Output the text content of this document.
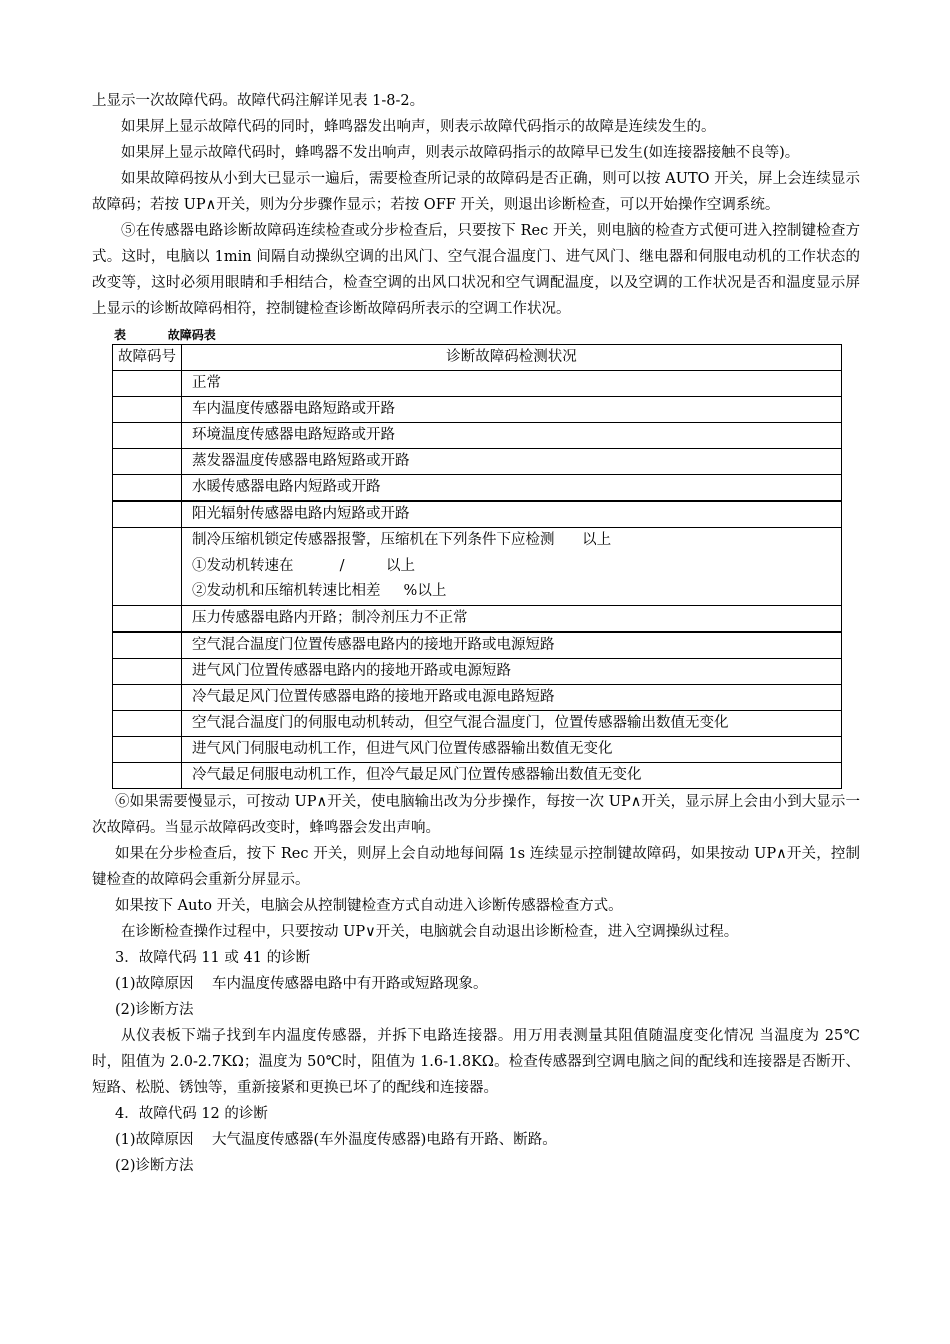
上显示一次故障代码。故障代码注解详见表 1-8-2。

如果屏上显示故障代码的同时，蜂鸣器发出响声，则表示故障代码指示的故障是连续发生的。

如果屏上显示故障代码时，蜂鸣器不发出响声，则表示故障码指示的故障早已发生(如连接器接触不良等)。

如果故障码按从小到大已显示一遍后，需要检查所记录的故障码是否正确，则可以按 AUTO 开关，屏上会连续显示故障码；若按 UP∧开关，则为分步骤作显示；若按 OFF 开关，则退出诊断检查，可以开始操作空调系统。

⑤在传感器电路诊断故障码连续检查或分步检查后，只要按下 Rec 开关，则电脑的检查方式便可进入控制键检查方式。这时，电脑以 1min 间隔自动操纵空调的出风门、空气混合温度门、进气风门、继电器和伺服电动机的工作状态的改变等，这时必须用眼睛和手相结合，检查空调的出风口状况和空气调配温度，以及空调的工作状况是否和温度显示屏上显示的诊断故障码相符，控制键检查诊断故障码所表示的空调工作状况。

表          故障码表
故障码号	诊断故障码检测状况
	正常
	车内温度传感器电路短路或开路
	环境温度传感器电路短路或开路
	蒸发器温度传感器电路短路或开路
	水暖传感器电路内短路或开路
	阳光辐射传感器电路内短路或开路

	制冷压缩机锁定传感器报警，压缩机在下列条件下应检测      以上
①发动机转速在          /         以上
②发动机和压缩机转速比相差     %以上

	压力传感器电路内开路；制冷剂压力不正常
	空气混合温度门位置传感器电路内的接地开路或电源短路
	进气风门位置传感器电路内的接地开路或电源短路
	冷气最足风门位置传感器电路的接地开路或电源电路短路
	空气混合温度门的伺服电动机转动，但空气混合温度门，位置传感器输出数值无变化
	进气风门伺服电动机工作，但进气风门位置传感器输出数值无变化
	冷气最足伺服电动机工作，但冷气最足风门位置传感器输出数值无变化

⑥如果需要慢显示，可按动 UP∧开关，使电脑输出改为分步操作，每按一次 UP∧开关，显示屏上会由小到大显示一次故障码。当显示故障码改变时，蜂鸣器会发出声响。

如果在分步检查后，按下 Rec 开关，则屏上会自动地每间隔 1s 连续显示控制键故障码，如果按动 UP∧开关，控制键检查的故障码会重新分屏显示。

如果按下 Auto 开关，电脑会从控制键检查方式自动进入诊断传感器检查方式。

在诊断检查操作过程中，只要按动 UP∨开关，电脑就会自动退出诊断检查，进入空调操纵过程。

3．故障代码 11 或 41 的诊断

(1)故障原因    车内温度传感器电路中有开路或短路现象。

(2)诊断方法

从仪表板下端子找到车内温度传感器，并拆下电路连接器。用万用表测量其阻值随温度变化情况 当温度为 25℃时，阻值为 2.0-2.7KΩ；温度为 50℃时，阻值为 1.6-1.8KΩ。检查传感器到空调电脑之间的配线和连接器是否断开、短路、松脱、锈蚀等，重新接紧和更换已坏了的配线和连接器。

4．故障代码 12 的诊断

(1)故障原因    大气温度传感器(车外温度传感器)电路有开路、断路。

(2)诊断方法
